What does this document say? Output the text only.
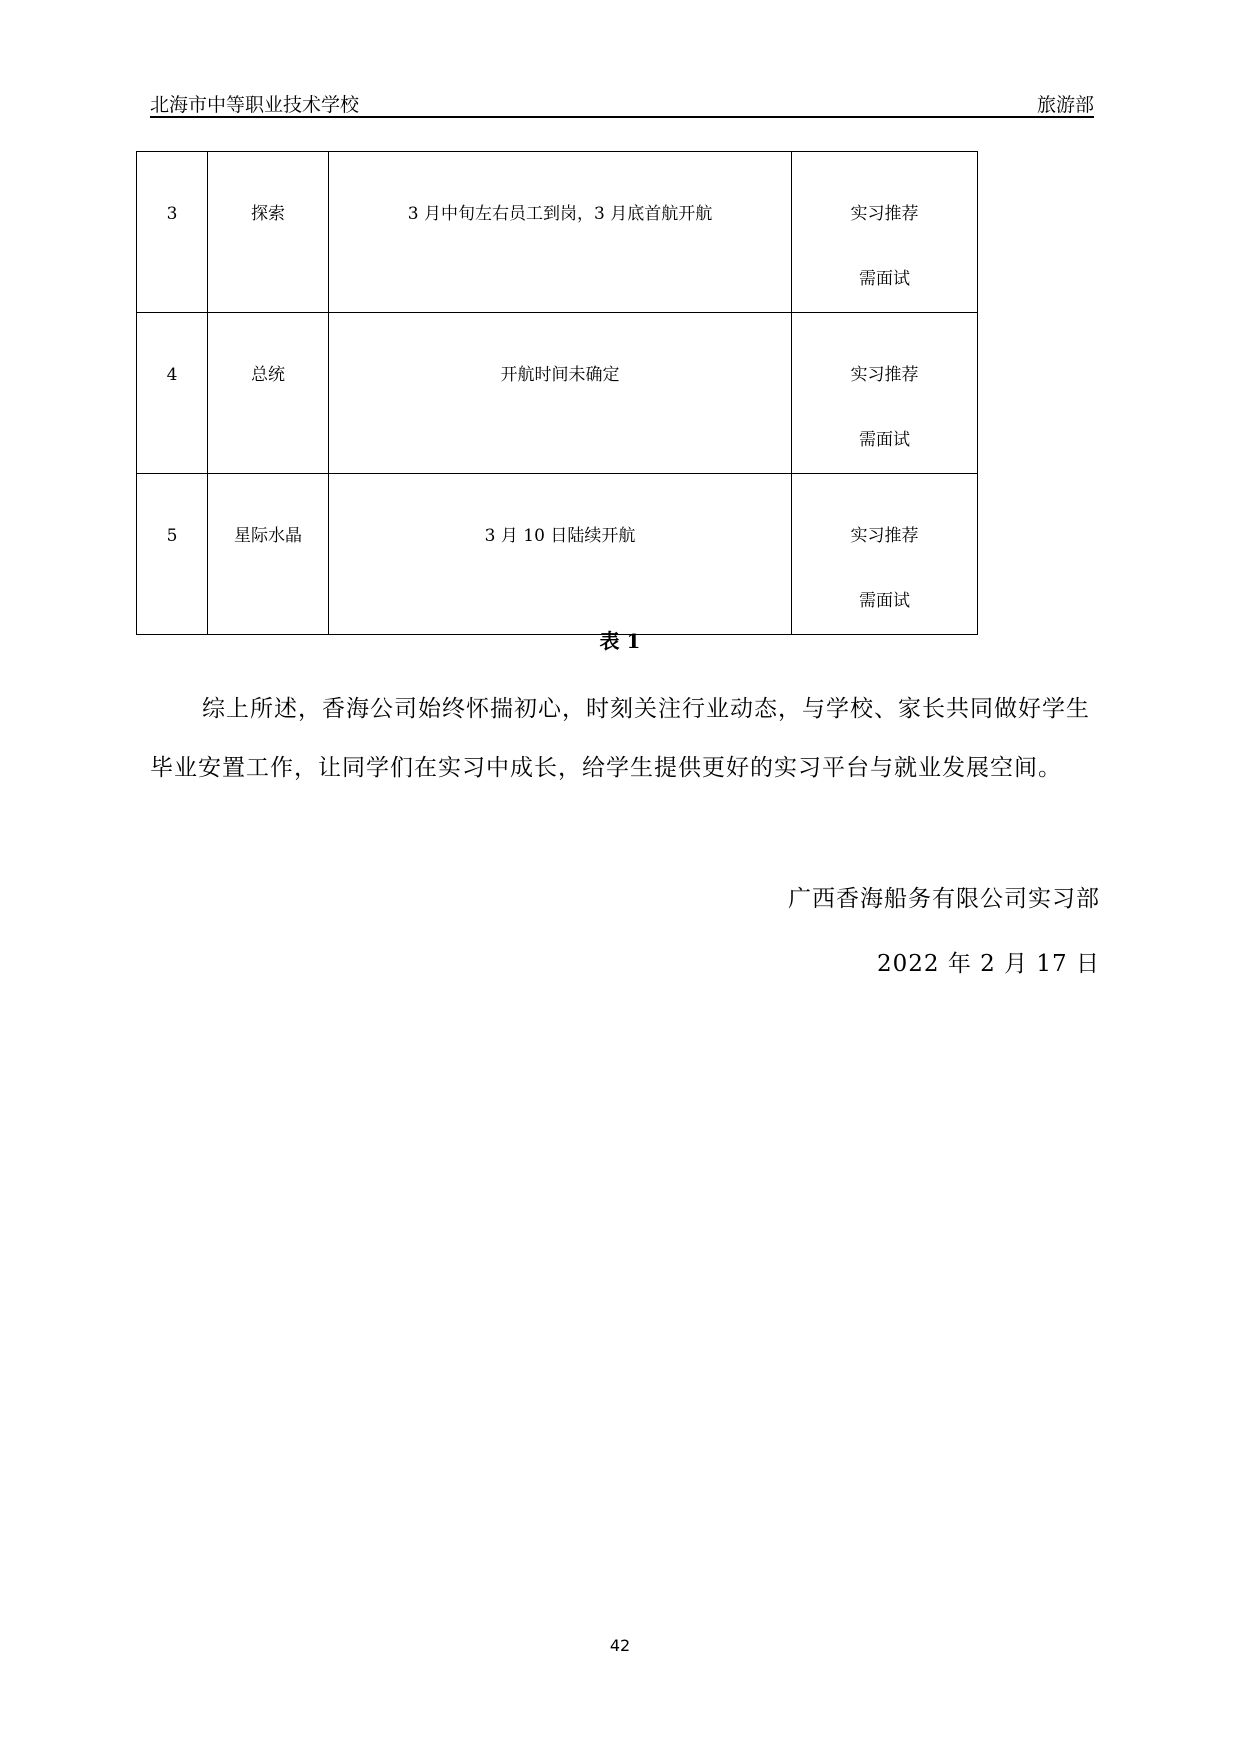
北海市中等职业技术学校	旅游部
3	探索	3 月中旬左右员工到岗，3 月底首航开航	实习推荐
需面试

4	总统	开航时间未确定	实习推荐
需面试

5	星际水晶	3 月 10 日陆续开航	实习推荐
需面试
表 1

综上所述，香海公司始终怀揣初心，时刻关注行业动态，与学校、家长共同做好学生毕业安置工作，让同学们在实习中成长，给学生提供更好的实习平台与就业发展空间。

广西香海船务有限公司实习部
2022 年 2 月 17 日
42
